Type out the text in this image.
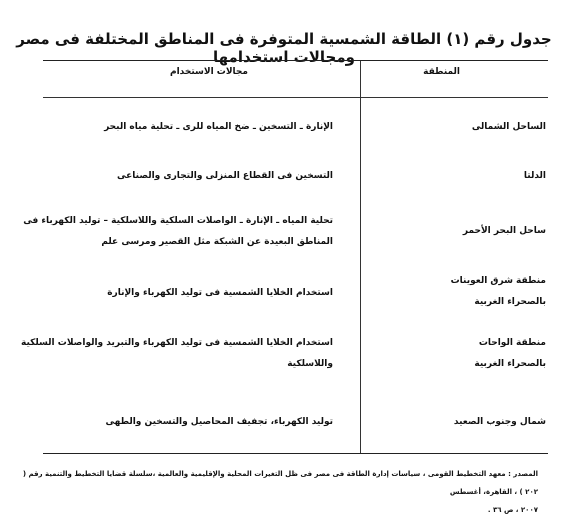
جدول رقم (١) الطاقة الشمسية المتوفرة فى المناطق المختلفة فى مصر ومجالات استخدامها
المنطقة
مجالات الاستخدام
الساحل الشمالى
الإنارة ـ التسخين ـ ضخ المياه للرى ـ تحلية مياه البحر
الدلتا
التسخين فى القطاع المنزلى والتجارى والصناعى
ساحل البحر الأحمر
تحلية المياه ـ الإنارة ـ الواصلات السلكية واللاسلكية – توليد الكهرباء فى
المناطق البعيدة عن الشبكة مثل القصير ومرسى علم
منطقة شرق العوينات
بالصحراء الغربية
استخدام الخلايا الشمسية فى توليد الكهرباء والإنارة
منطقة الواحات
بالصحراء الغربية
استخدام الخلايا الشمسية فى توليد الكهرباء والتبريد والواصلات السلكية
واللاسلكية
شمال وجنوب الصعيد
توليد الكهرباء، تجفيف المحاصيل والتسخين والطهى
المصدر : معهد التخطيط القومى ، سياسات إدارة الطاقة فى مصر فى ظل التغيرات المحلية والإقليمية والعالمية ،سلسلة قضايا التخطيط والتنمية رقم ( ٢٠٢ ) ، القاهرة، أغسطس
٢٠٠٧ ، ص ٣٦ .
